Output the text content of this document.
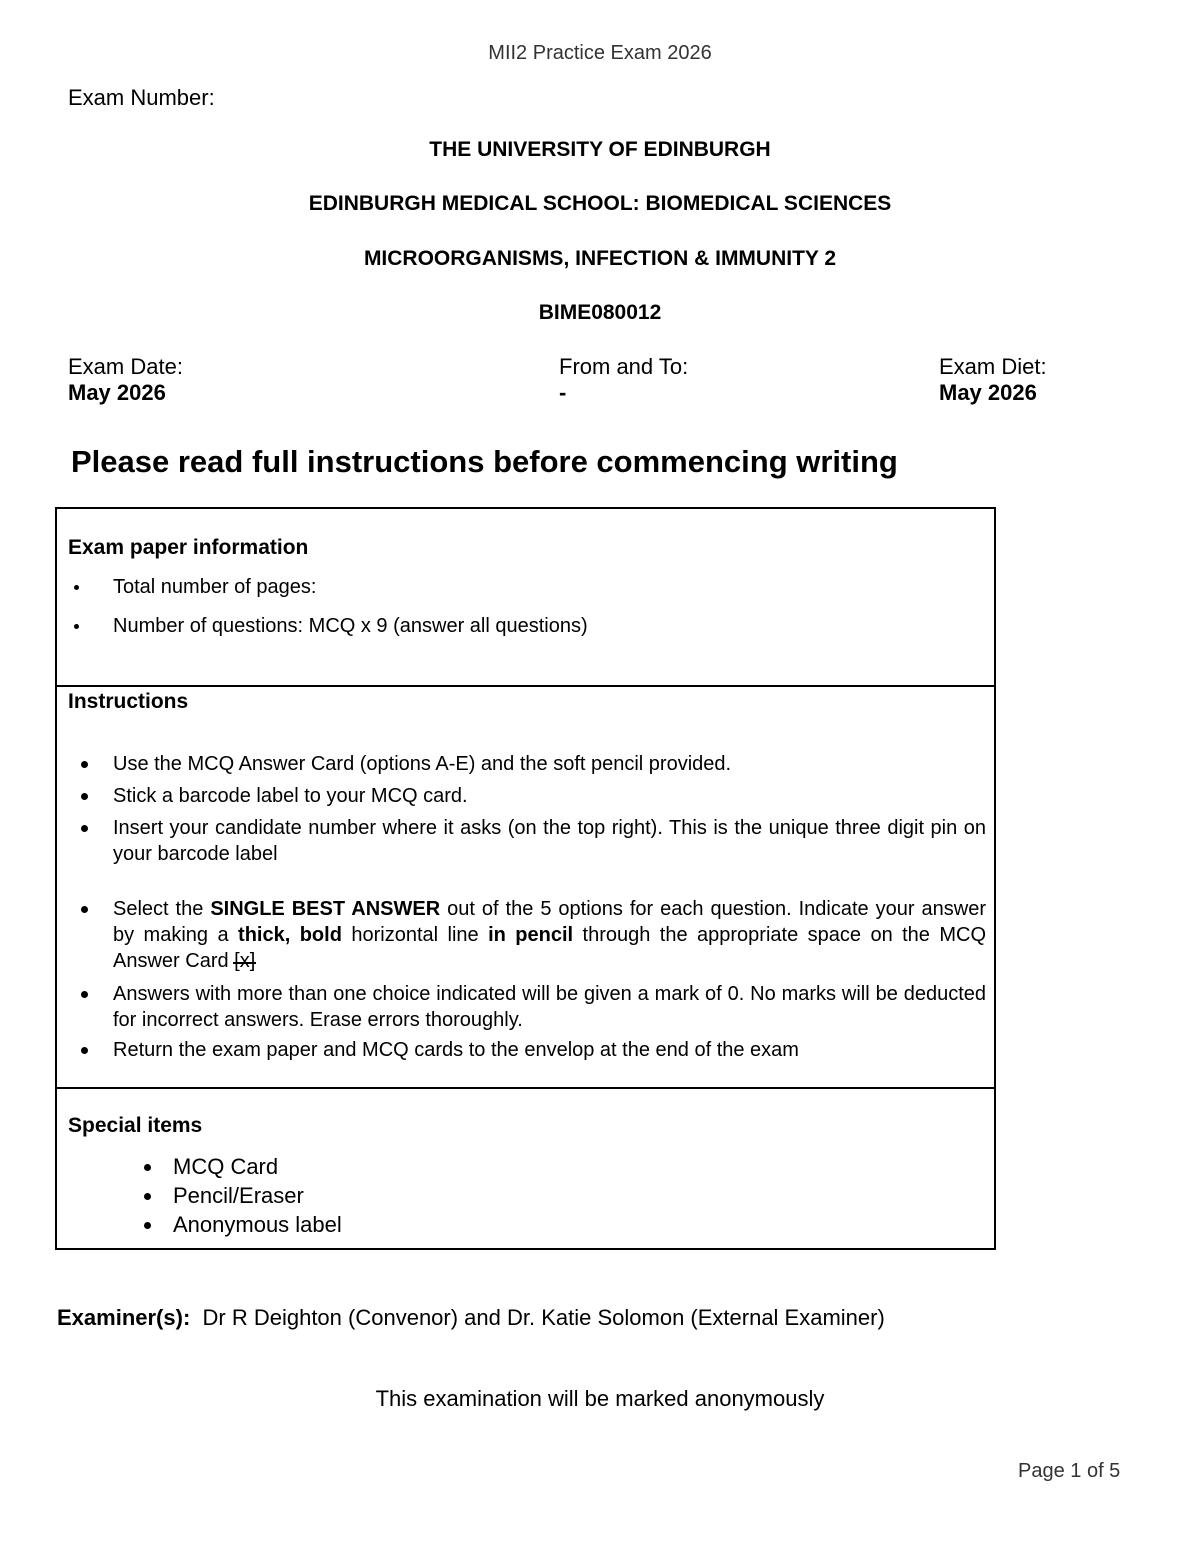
MII2 Practice Exam 2026
Exam Number:
THE UNIVERSITY OF EDINBURGH
EDINBURGH MEDICAL SCHOOL: BIOMEDICAL SCIENCES
MICROORGANISMS, INFECTION & IMMUNITY 2
BIME080012
Exam Date:
May 2026
From and To:
-
Exam Diet:
May 2026
Please read full instructions before commencing writing
Exam paper information
Total number of pages:
Number of questions: MCQ x 9 (answer all questions)
Instructions
Use the MCQ Answer Card (options A-E) and the soft pencil provided.
Stick a barcode label to your MCQ card.
Insert your candidate number where it asks (on the top right). This is the unique three digit pin on your barcode label
Select the SINGLE BEST ANSWER out of the 5 options for each question. Indicate your answer by making a thick, bold horizontal line in pencil through the appropriate space on the MCQ Answer Card [x]
Answers with more than one choice indicated will be given a mark of 0. No marks will be deducted for incorrect answers. Erase errors thoroughly.
Return the exam paper and MCQ cards to the envelop at the end of the exam
Special items
MCQ Card
Pencil/Eraser
Anonymous label
Examiner(s): Dr R Deighton (Convenor) and Dr. Katie Solomon (External Examiner)
This examination will be marked anonymously
Page 1 of 5
